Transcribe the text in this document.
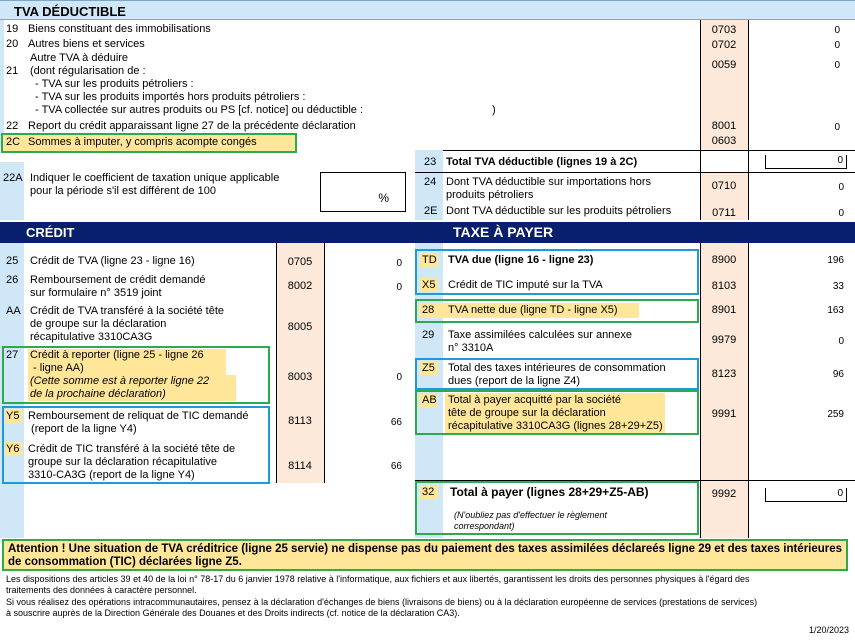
TVA DÉDUCTIBLE
19 Biens constituant des immobilisations	0703	0
20 Autres biens et services	0702	0
21
Autre TVA à déduire
(dont régularisation de :
- TVA sur les produits pétroliers :
- TVA sur les produits importés hors produits pétroliers :
- TVA collectée sur autres produits ou PS [cf. notice] ou déductible :	)
0059	0
22 Report du crédit apparaissant ligne 27 de la précédente déclaration	8001	0
2C Sommes à imputer, y compris acompte congés	0603
22A Indiquer le coefficient de taxation unique applicable
pour la période s'il est différent de 100	%
23 Total TVA déductible (lignes 19 à 2C)	0
24 Dont TVA déductible sur importations hors
produits pétroliers
0710	0
2E Dont TVA déductible sur les produits pétroliers	0711	0
CRÉDIT	TAXE À PAYER
25 Crédit de TVA (ligne 23 - ligne 16)	0705	0
26 Remboursement de crédit demandé
sur formulaire n° 3519 joint
8002	0
AA Crédit de TVA transféré à la société tête
de groupe sur la déclaration
récapitulative 3310CA3G
8005
27 Crédit à reporter (ligne 25 - ligne 26
- ligne AA)
(Cette somme est à reporter ligne 22
de la prochaine déclaration)
8003	0
Y5 Remboursement de reliquat de TIC demandé
(report de la ligne Y4)
8113	66
Y6 Crédit de TIC transféré à la société tête de
groupe sur la déclaration récapitulative
3310-CA3G (report de la ligne Y4)
8114	66
TD TVA due (ligne 16 - ligne 23)	8900	196
X5 Crédit de TIC imputé sur la TVA	8103	33
28 TVA nette due (ligne TD - ligne X5)	8901	163
29 Taxe assimilées calculées sur annexe
n° 3310A
9979	0
Z5 Total des taxes intérieures de consommation
dues (report de la ligne Z4)
8123	96
AB Total à payer acquitté par la société
tête de groupe sur la déclaration
récapitulative 3310CA3G (lignes 28+29+Z5)
9991	259
32 Total à payer (lignes 28+29+Z5-AB)
(N'oubliez pas d'effectuer le règlement
correspondant)
9992	0
Attention ! Une situation de TVA créditrice (ligne 25 servie) ne dispense pas du paiement des taxes assimilées déclareés ligne 29 et des taxes intérieures de consommation (TIC) déclarées ligne Z5.
Les dispositions des articles 39 et 40 de la loi n° 78-17 du 6 janvier 1978 relative à l'informatique, aux fichiers et aux libertés, garantissent les droits des personnes physiques à l'égard des
traitements des données à caractère personnel.
Si vous réalisez des opérations intracommunautaires, pensez à la déclaration d'échanges de biens (livraisons de biens) ou à la déclaration européenne de services (prestations de services)
à souscrire auprès de la Direction Générale des Douanes et des Droits indirects (cf. notice de la déclaration CA3).
1/20/2023
